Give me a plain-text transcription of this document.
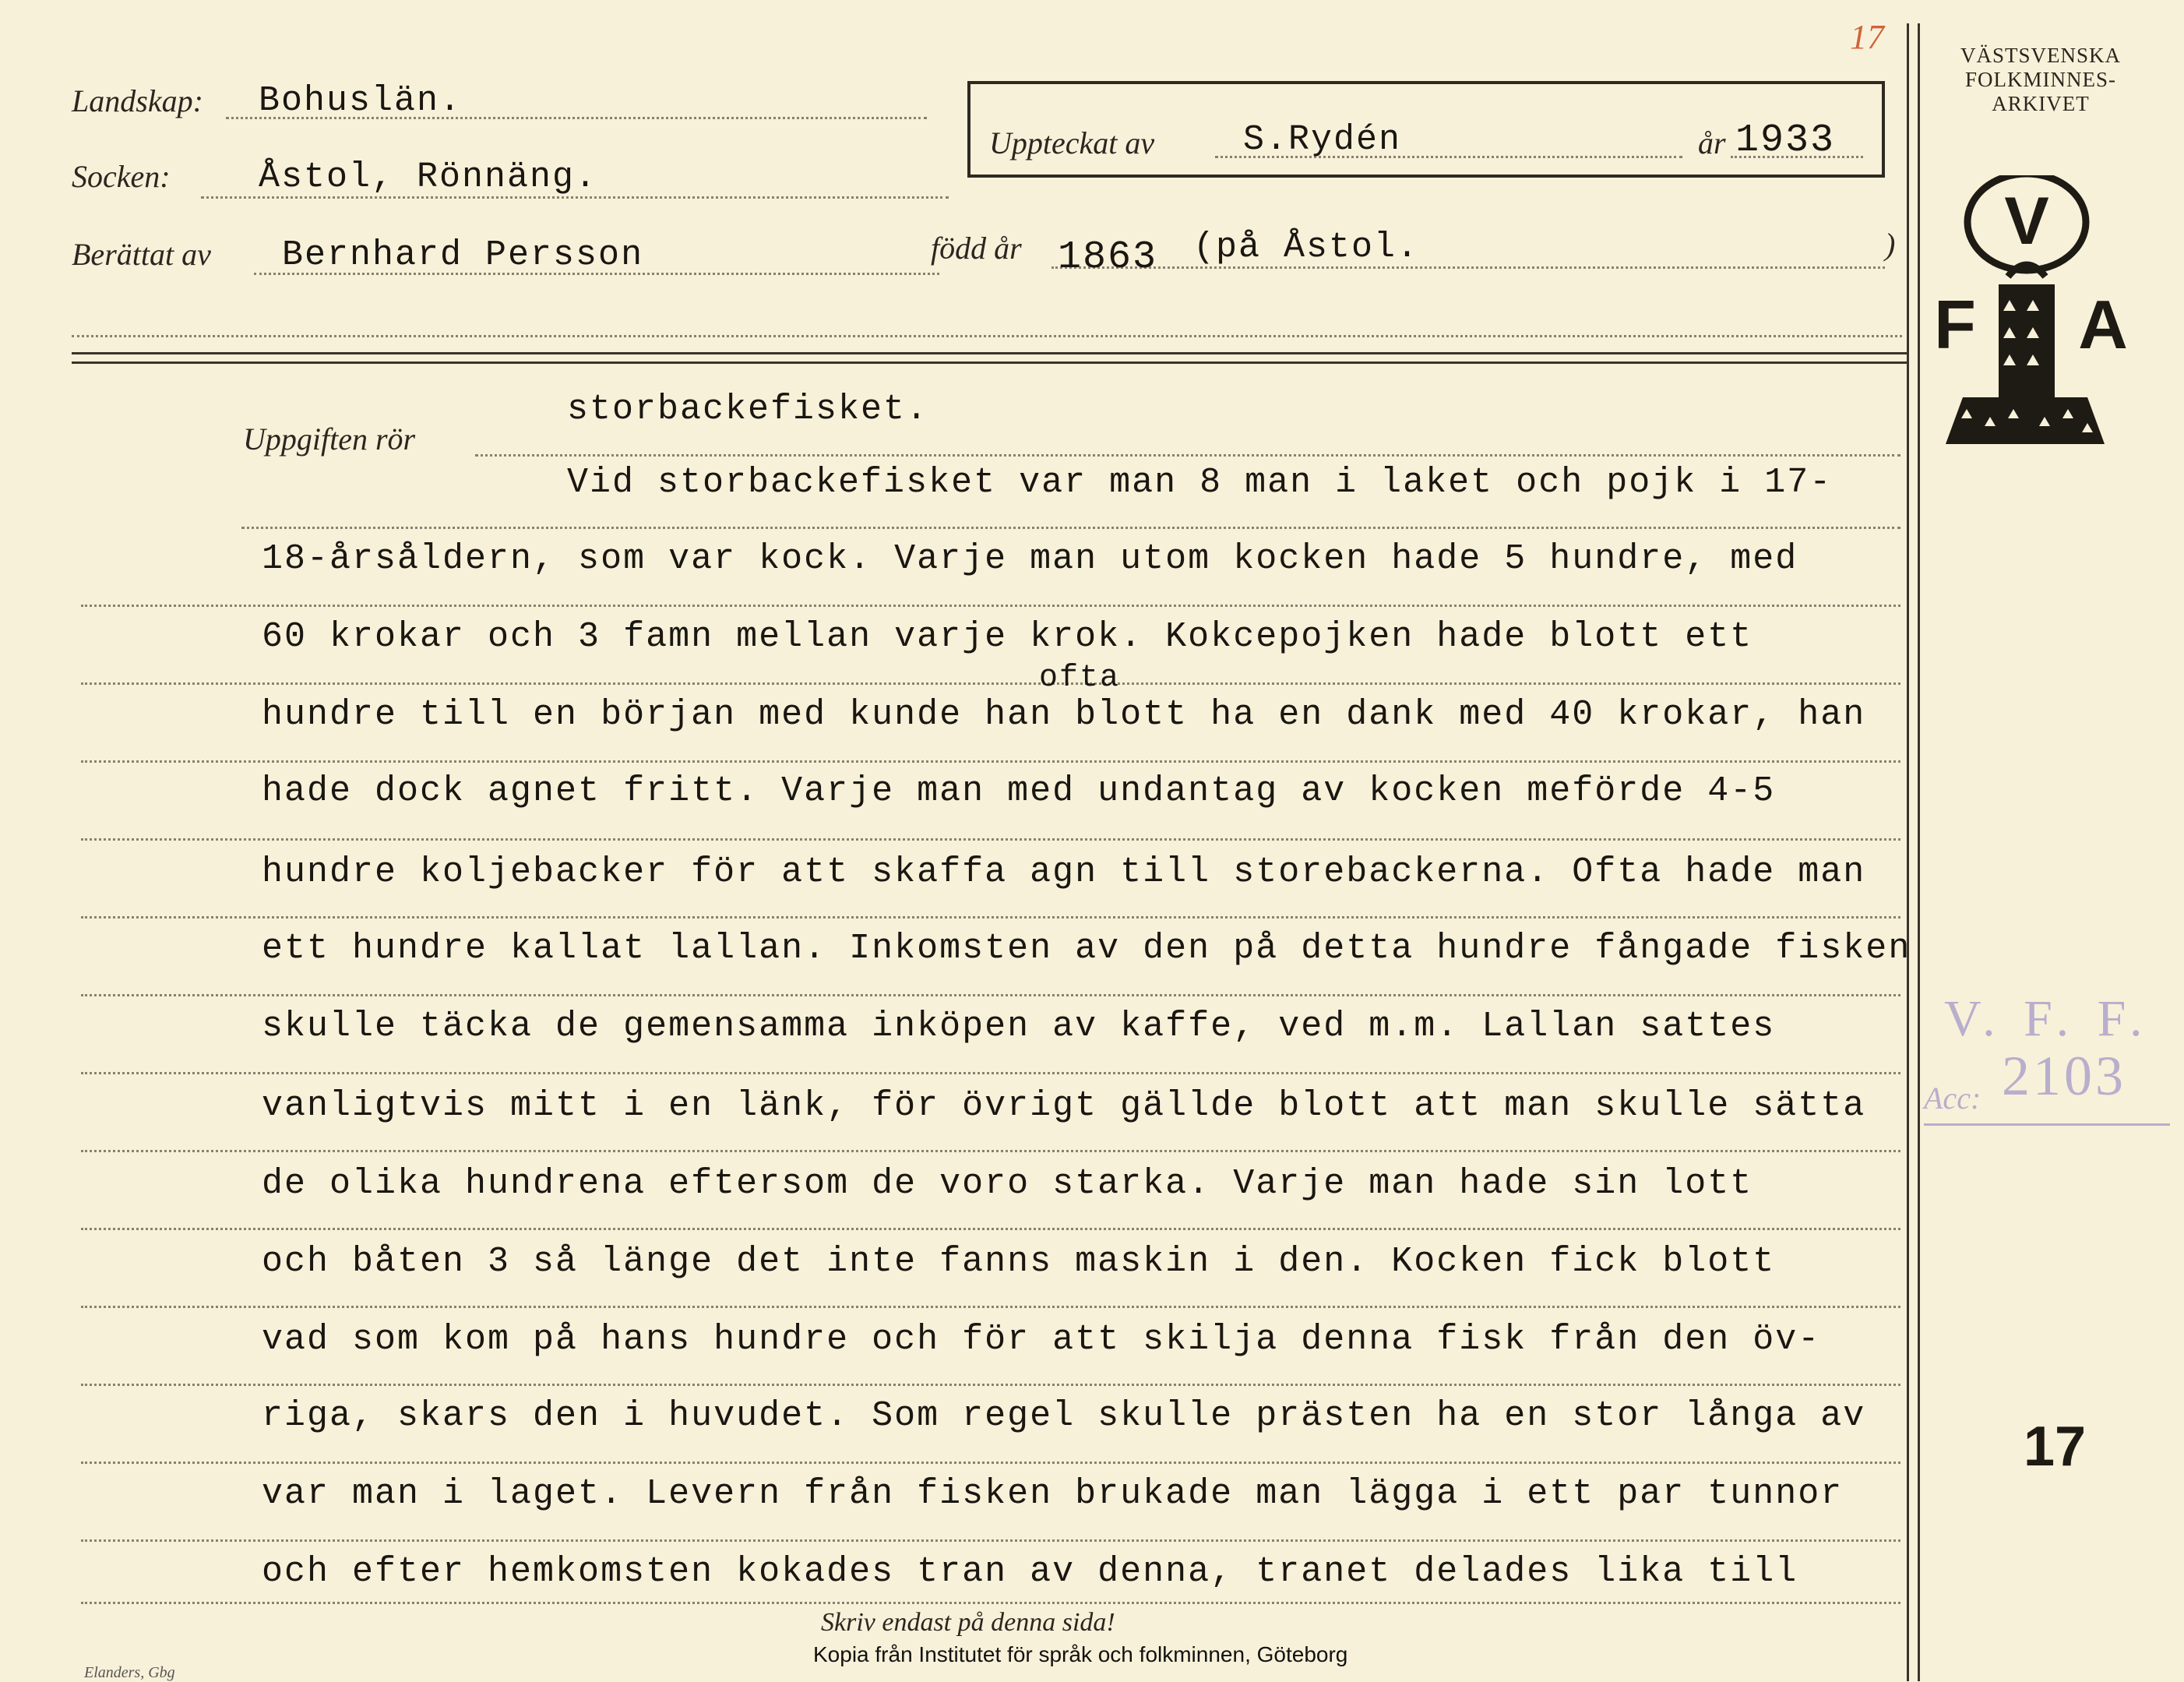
VÄSTSVENSKA
FOLKMINNES-
ARKIVET
V
F A
17
Landskap: Bohuslän.
Socken:	Åstol, Rönnäng.
Berättat av Bernhard Persson	född år 1863 (på Åstol.	)
Uppteckat av	S.Rydén	år 1933
Uppgiften rör
storbackefisket.
Vid storbackefisket var man 8 man i laket och pojk i 17-
18-årsåldern, som var kock. Varje man utom kocken hade 5 hundre, med
60 krokar och 3 famn mellan varje krok. Kokcepojken hade blott ett
ofta
hundre till en början med kunde han blott ha en dank med 40 krokar, han
hade dock agnet fritt. Varje man med undantag av kocken meförde 4-5
hundre koljebacker för att skaffa agn till storebackerna. Ofta hade man
ett hundre kallat lallan. Inkomsten av den på detta hundre fångade fisken
skulle täcka de gemensamma inköpen av kaffe, ved m.m. Lallan sattes
vanligtvis mitt i en länk, för övrigt gällde blott att man skulle sätta
de olika hundrena eftersom de voro starka. Varje man hade sin lott
och båten 3 så länge det inte fanns maskin i den. Kocken fick blott
vad som kom på hans hundre och för att skilja denna fisk från den öv-
riga, skars den i huvudet. Som regel skulle prästen ha en stor långa av
var man i laget. Levern från fisken brukade man lägga i ett par tunnor
och efter hemkomsten kokades tran av denna, tranet delades lika till
V. F. F.
2103
Acc:
17
Skriv endast på denna sida!
Elanders, Gbg
Kopia från Institutet för språk och folkminnen, Göteborg
